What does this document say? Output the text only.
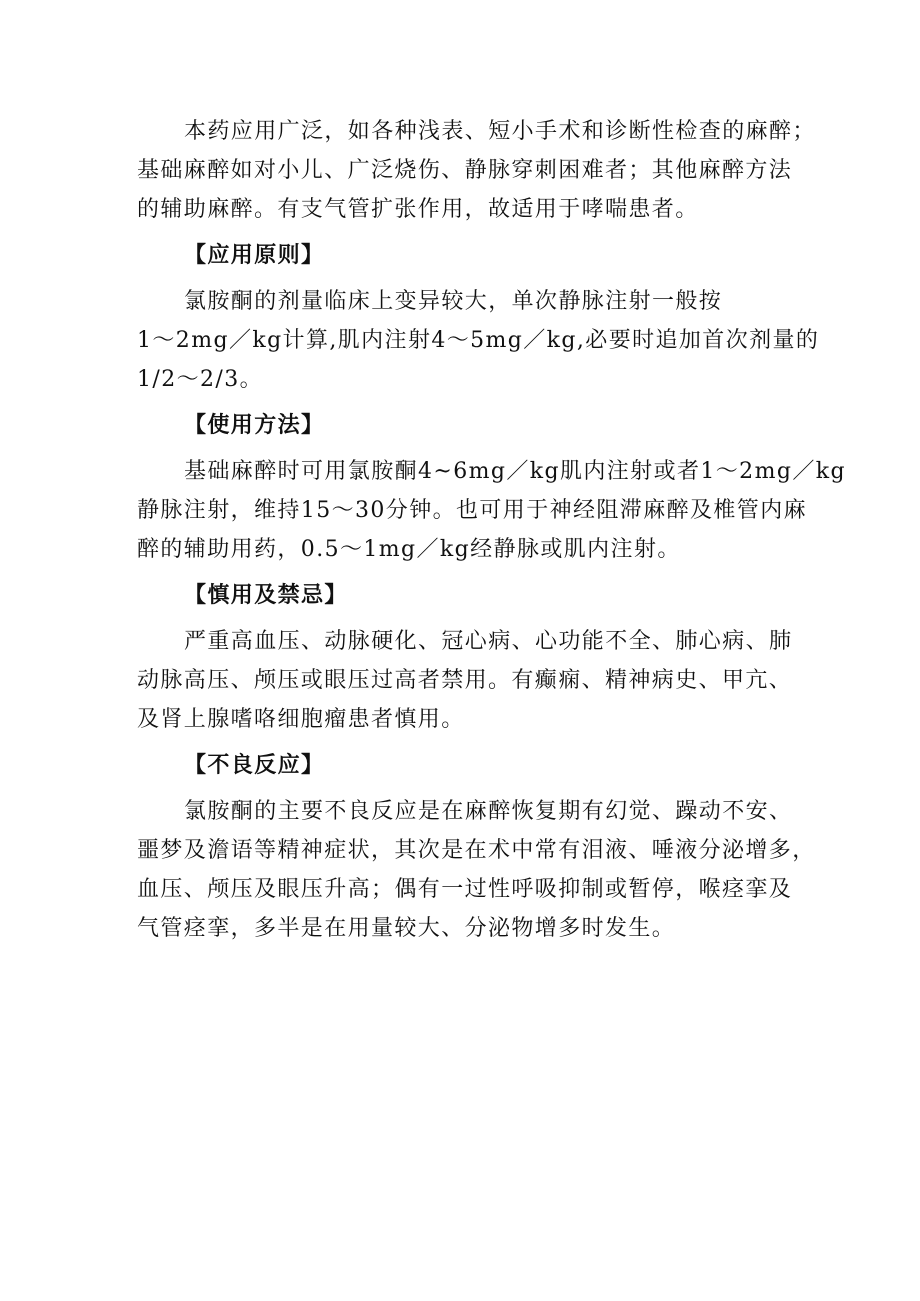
本药应用广泛，如各种浅表、短小手术和诊断性检查的麻醉；
基础麻醉如对小儿、广泛烧伤、静脉穿刺困难者；其他麻醉方法
的辅助麻醉。有支气管扩张作用，故适用于哮喘患者。
【应用原则】
氯胺酮的剂量临床上变异较大，单次静脉注射一般按
1～2mg／kg计算,肌内注射4～5mg／kg,必要时追加首次剂量的
1/2～2/3。
【使用方法】
基础麻醉时可用氯胺酮4~6mg／kg肌内注射或者1～2mg／kg
静脉注射，维持15～30分钟。也可用于神经阻滞麻醉及椎管内麻
醉的辅助用药，0.5～1mg／kg经静脉或肌内注射。
【慎用及禁忌】
严重高血压、动脉硬化、冠心病、心功能不全、肺心病、肺
动脉高压、颅压或眼压过高者禁用。有癫痫、精神病史、甲亢、
及肾上腺嗜咯细胞瘤患者慎用。
【不良反应】
氯胺酮的主要不良反应是在麻醉恢复期有幻觉、躁动不安、
噩梦及澹语等精神症状，其次是在术中常有泪液、唾液分泌增多，
血压、颅压及眼压升高；偶有一过性呼吸抑制或暂停，喉痉挛及
气管痉挛，多半是在用量较大、分泌物增多时发生。
